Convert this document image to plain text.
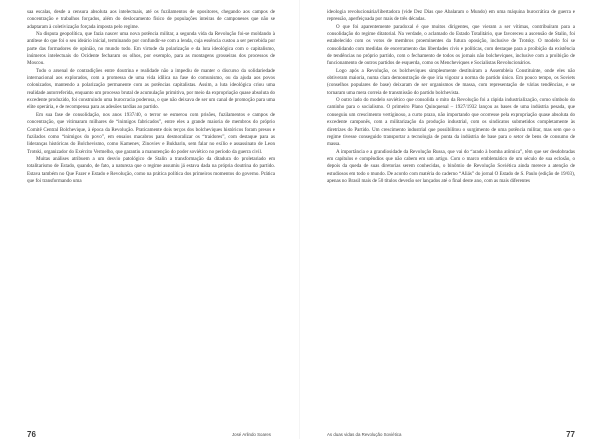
saa escalas, desde a censura absoluta aos intelectuais, até os fuzilamentos de opositores, chegando aos campos de concentração e trabalhos forçados, além do deslocamento físico de populações inteiras de camponeses que não se adaptaram à coletivização forçada imposta pelo regime.

Na disputa geopolítica, que fazia nascer uma nova potência militar, a segunda vida da Revolução foi-se moldando à antítese do que foi o seu ideário inicial, terminando por confundir-se com a lenda, cuja essência custou a ser percebida por parte das formadores de opinião, no mundo todo. Em virtude da polarização e da luta ideológica com o capitalismo, inúmeros intelectuais do Ocidente fecharam os olhos, por exemplo, para as montagens grosseiras dos processos de Moscou.

Todo o arsenal de contradições entre doutrina e realidade não a impediu de manter o discurso da solidariedade internacional aos explorados, com a promessa de uma vida idílica na fase do comunismo, ou da ajuda aos povos colonizados, mantendo a polarização permanente com as potências capitalistas. Assim, a luta ideológica criou uma realidade autorreferida, enquanto um processo brutal de acumulação primitiva, por meio da expropriação quase absoluta do excedente produzido, foi construindo uma burocracia poderosa, o que não deixava de ser um canal de promoção para uma elite operária, e de recompensa para as adesões tardias ao partido.

Em sua fase de consolidação, nos anos 1937/40, o terror se esmerou com prisões, fuzilamentos e campos de concentração, que vitimaram milhares de “inimigos fabricados”, entre eles a grande maioria de membros do próprio Comitê Central Bolchevique, à época da Revolução. Praticamente dois terços dos bolcheviques históricos foram presos e fuzilados como “inimigos do povo”, em ensaios macabros para desmoralizar os “traidores”, com destaque para as lideranças históricas do Bolchevismo, como Kamenev, Zinoviev e Bukharin, sem falar no exílio e assassinato de Leon Trotski, organizador do Exército Vermelho, que garantiu a manutenção do poder soviético no período da guerra civil.

Muitas análises atribuem a um desvio patológico de Stalin a transformação da ditadura do proletariado em totalitarismo de Estado, quando, de fato, a natureza que o regime assumiu já estava dada na própria doutrina do partido. Estava também no Que Fazer e Estado e Revolução, como na prática política dos primeiros momentos do governo. Prática que foi transformando uma

76	José Arlindo Soares

ideologia revolucionária/libertadora (vide Dez Dias que Abalaram o Mundo) em uma máquina burocrática de guerra e repressão, aperfeiçoada por mais de três décadas.

O que foi aparentemente paradoxal é que muitos dirigentes, que vieram a ser vítimas, contribuíram para a consolidação do regime ditatorial. Na verdade, o aclamado do Estado Totalitário, que favoreceu a ascensão de Stalin, foi estabelecido com os votos de membros proeminentes da futura oposição, inclusive de Trotsky. O modelo foi se consolidando com medidas de encerramento das liberdades civis e políticas, com destaque para a proibição da existência de tendências no próprio partido, com o fechamento de todos os jornais não bolcheviques, inclusive com a proibição de funcionamento de outros partidos de esquerda, como os Mencheviques e Socialistas Revolucionários.

Logo após a Revolução, os bolcheviques simplesmente destituíram a Assembleia Constituinte, onde eles não obtiveram maioria, numa clara demonstração de que iria vigorar a norma do partido único. Em pouco tempo, os Soviets (conselhos populares de base) deixaram de ser organismos de massa, com representação de várias tendências, e se tornaram uma mera correia de transmissão do partido bolchevista.

O outro lado do modelo soviético que consolida o mito da Revolução foi a rápida industrialização, como símbolo do caminho para o socialismo. O primeiro Plano Quinquenal – 1927/1932 lançou as bases de uma indústria pesada, que conseguiu um crescimento vertiginoso, a curto prazo, não importando que ocorresse pela expropriação quase absoluta do excedente camponês, com a militarização da produção industrial, com os sindicatos submetidos completamente às diretrizes do Partido. Um crescimento industrial que possibilitou o surgimento de uma potência militar, mas sem que o regime tivesse conseguido transportar a tecnologia de ponta da indústria de base para o setor de bens de consumo de massa.

A importância e a grandiosidade da Revolução Russa, que vai do “arado à bomba atômica”, têm que ser desdobradas em capítulos e compêndios que não cabem em um artigo. Com o marco emblemático de um século de sua eclosão, o depois da queda de suas diretorias serem conhecidas, o binômio de Revolução Soviética ainda merece a atenção de estudiosos em todo o mundo. De acordo com matéria do caderno “Aliás” do jornal O Estado de S. Paulo (edição de 19/03), apenas no Brasil mais de 50 títulos deverão ser lançados até o final deste ano, com as mais diferentes

As duas vidas da Revolução Soviética	77
